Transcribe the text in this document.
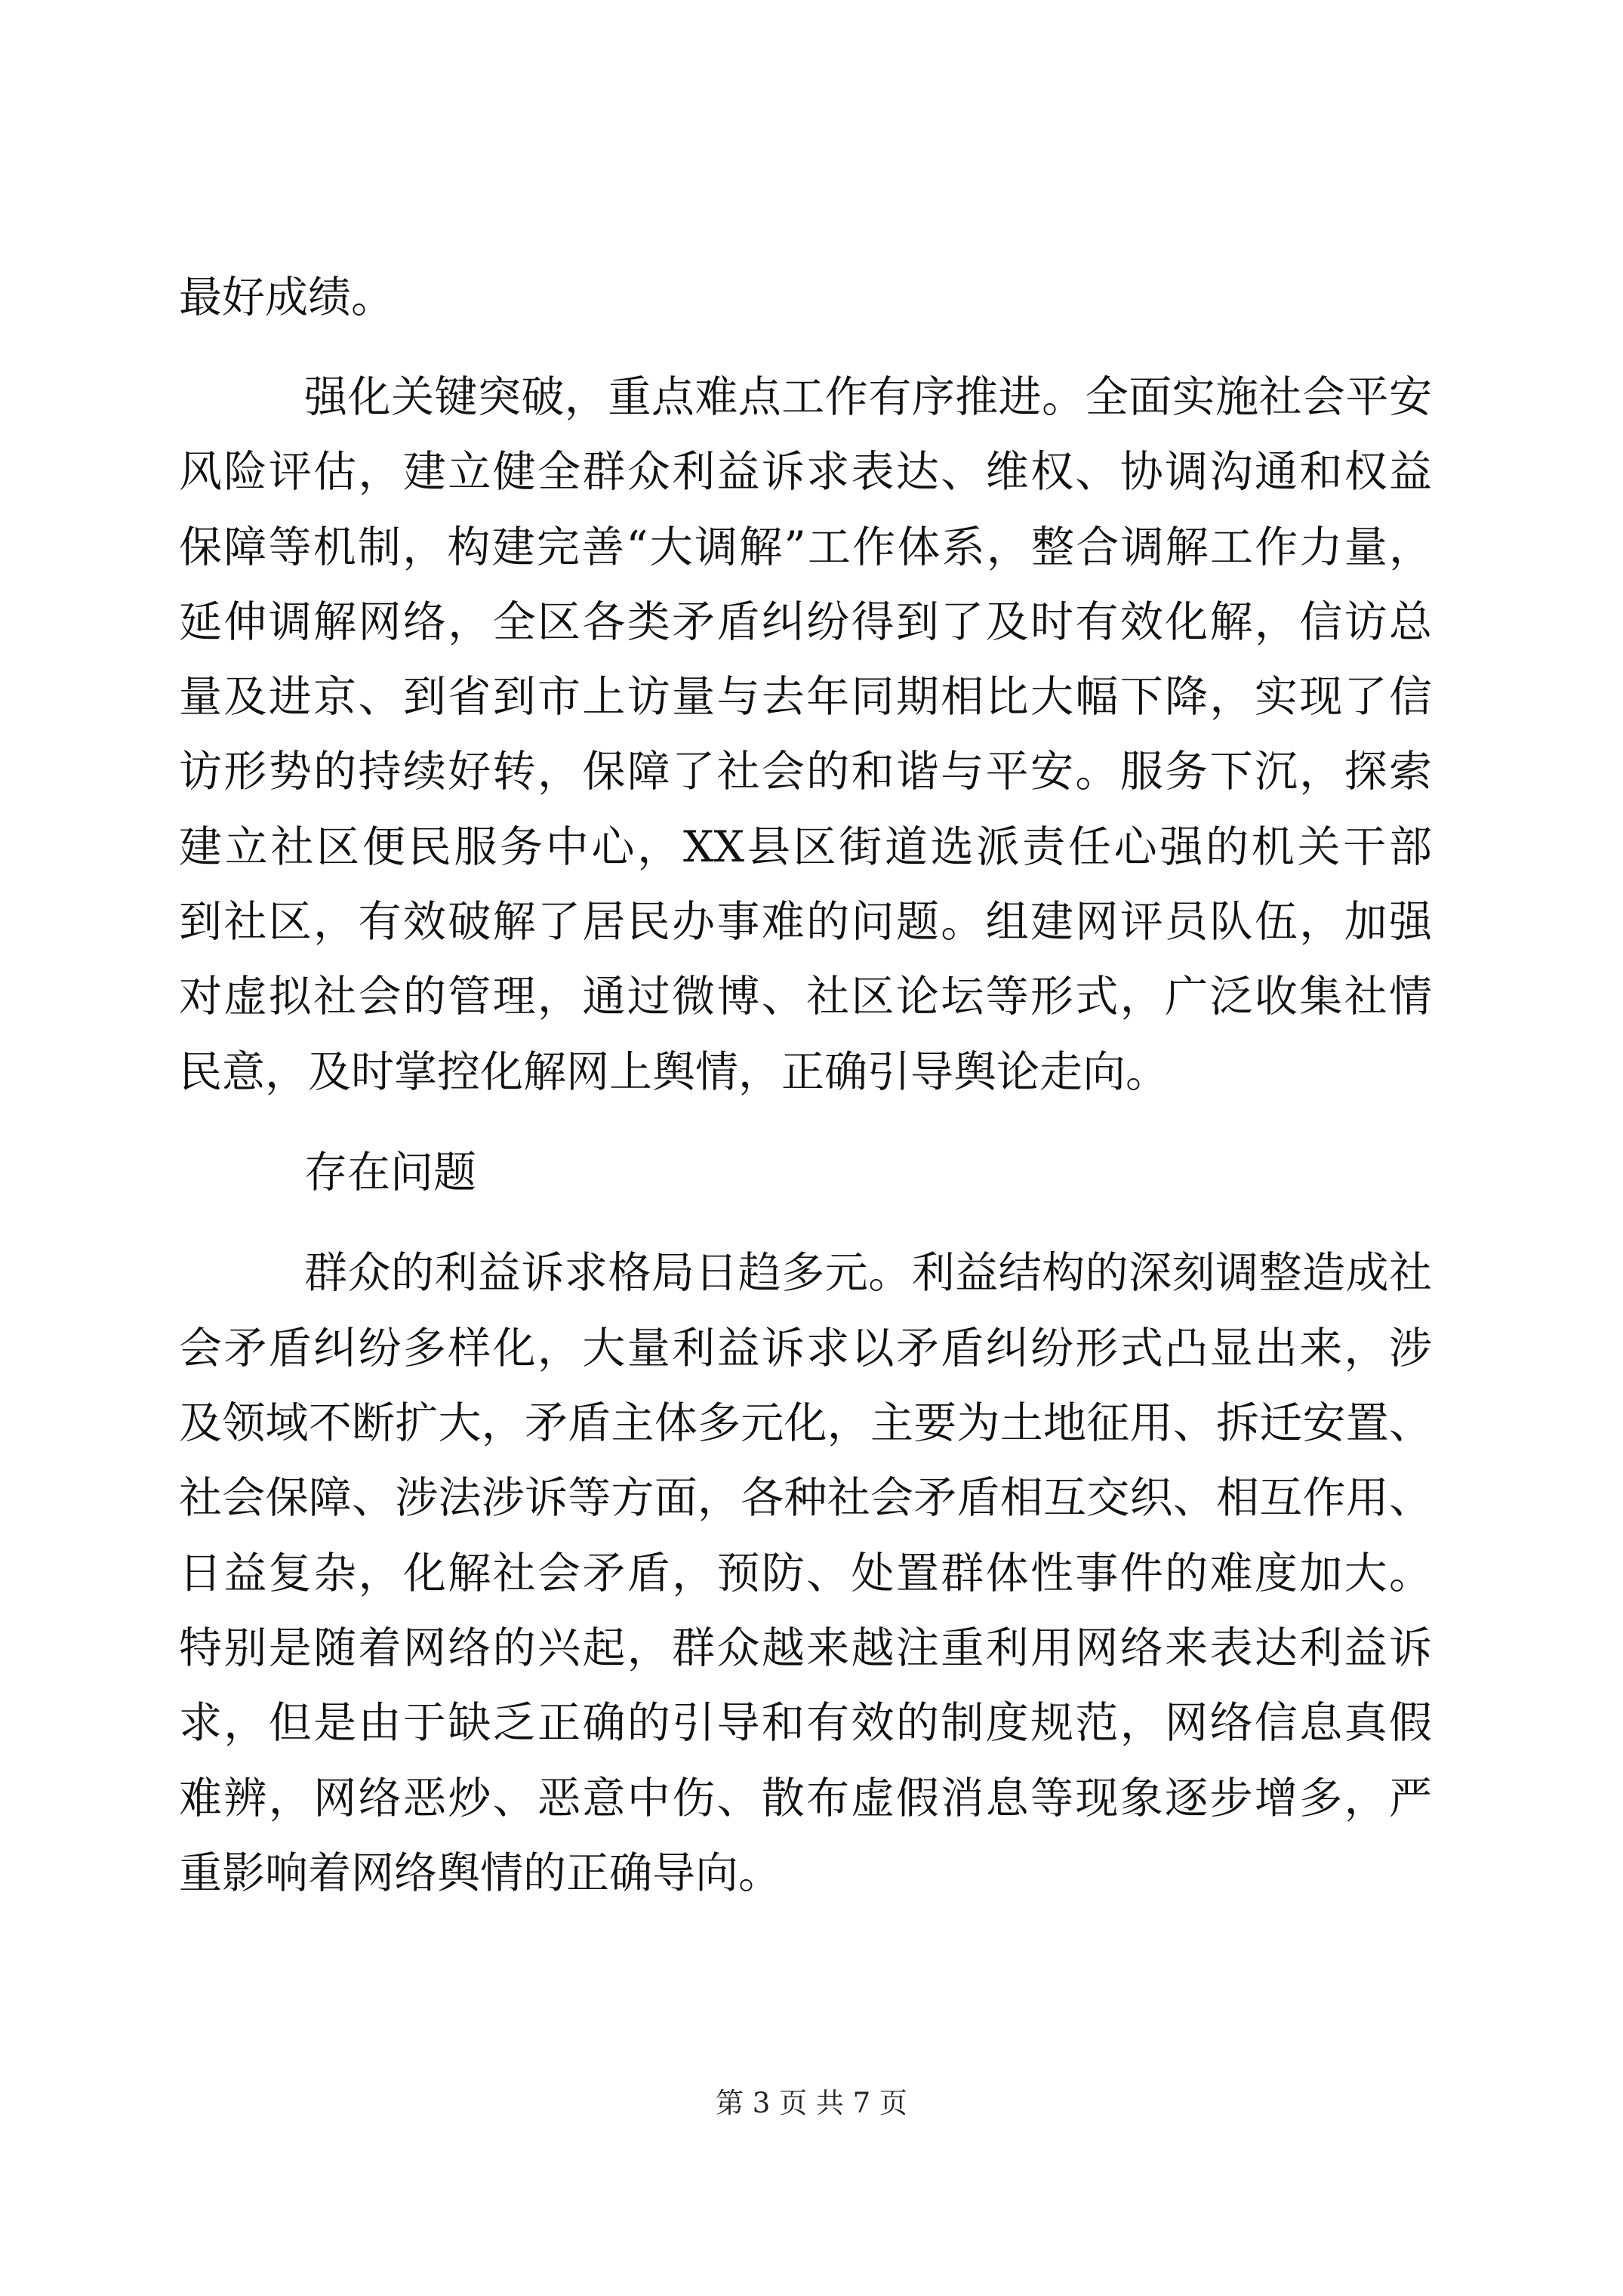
最好成绩。
强化关键突破，重点难点工作有序推进。全面实施社会平安
风险评估，建立健全群众利益诉求表达、维权、协调沟通和权益
保障等机制，构建完善“大调解”工作体系，整合调解工作力量，
延伸调解网络，全区各类矛盾纠纷得到了及时有效化解，信访总
量及进京、到省到市上访量与去年同期相比大幅下降，实现了信
访形势的持续好转，保障了社会的和谐与平安。服务下沉，探索
建立社区便民服务中心，XX县区街道选派责任心强的机关干部
到社区，有效破解了居民办事难的问题。组建网评员队伍，加强
对虚拟社会的管理，通过微博、社区论坛等形式，广泛收集社情
民意，及时掌控化解网上舆情，正确引导舆论走向。
存在问题
群众的利益诉求格局日趋多元。利益结构的深刻调整造成社
会矛盾纠纷多样化，大量利益诉求以矛盾纠纷形式凸显出来，涉
及领域不断扩大，矛盾主体多元化，主要为土地征用、拆迁安置、
社会保障、涉法涉诉等方面，各种社会矛盾相互交织、相互作用、
日益复杂，化解社会矛盾，预防、处置群体性事件的难度加大。
特别是随着网络的兴起，群众越来越注重利用网络来表达利益诉
求，但是由于缺乏正确的引导和有效的制度规范，网络信息真假
难辨，网络恶炒、恶意中伤、散布虚假消息等现象逐步增多，严
重影响着网络舆情的正确导向。
第 3 页 共 7 页
